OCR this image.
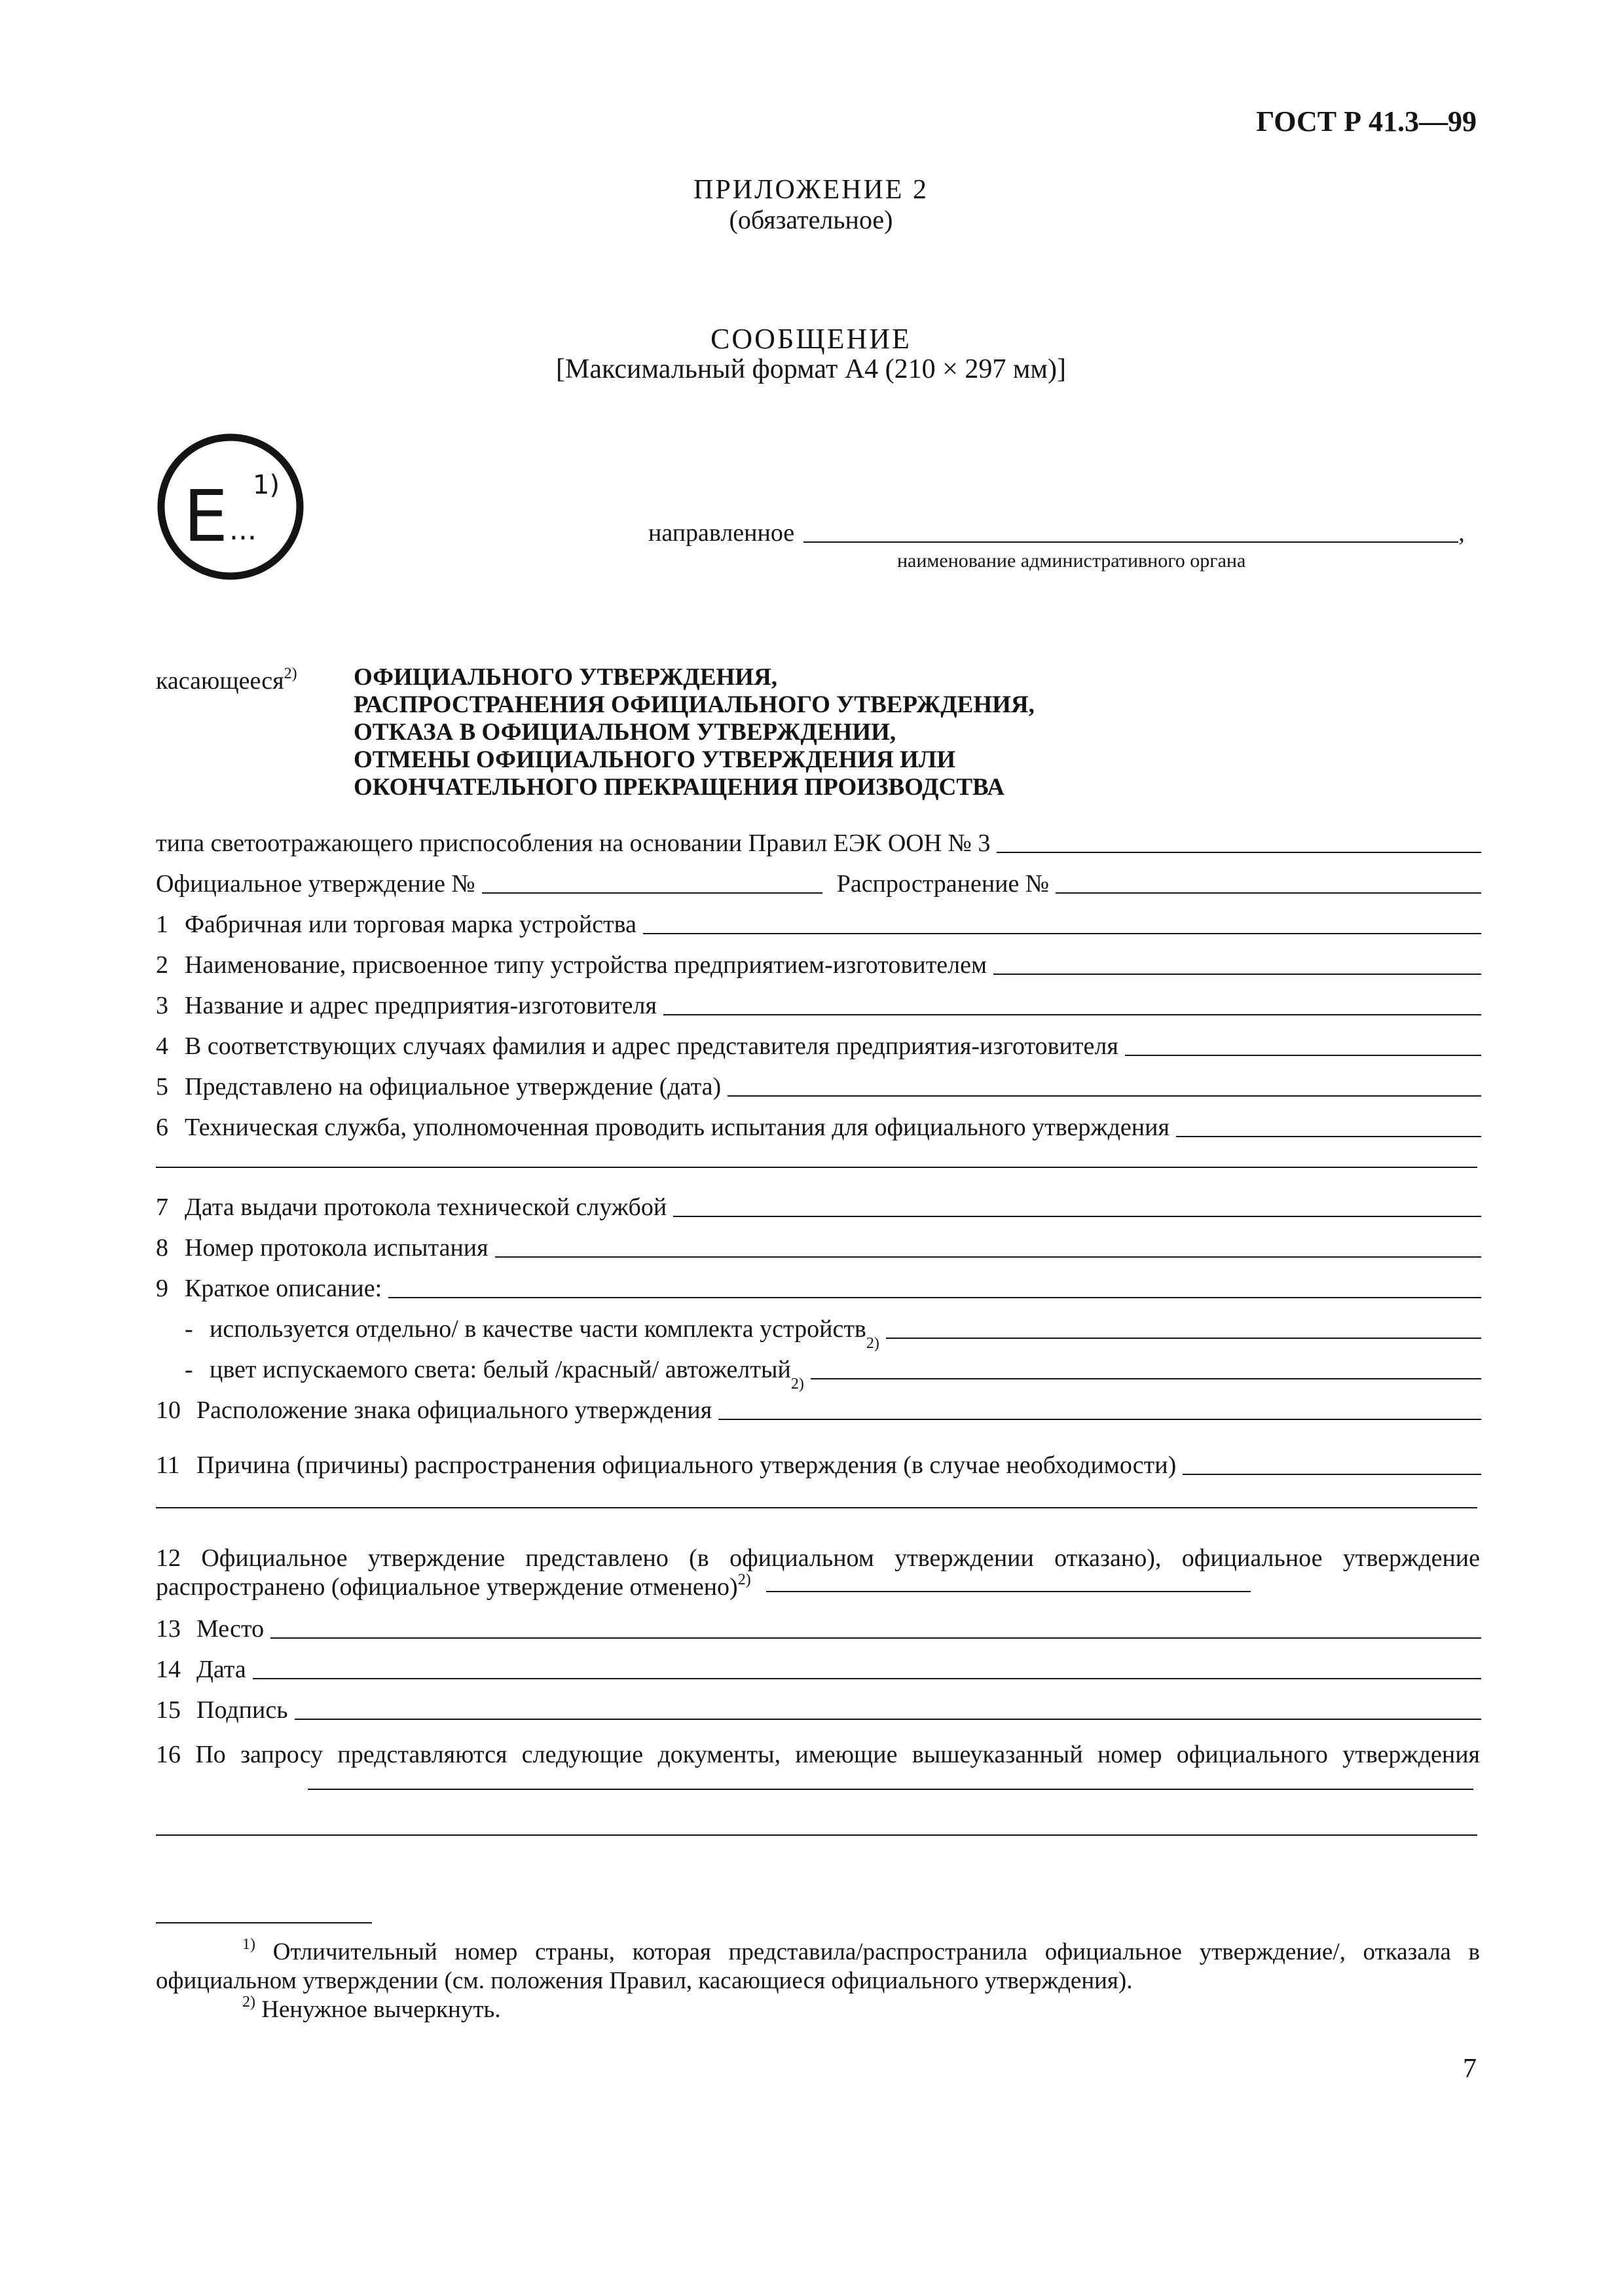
ГОСТ Р 41.3—99
ПРИЛОЖЕНИЕ 2
(обязательное)
СООБЩЕНИЕ
[Максимальный формат А4 (210 × 297 мм)]
E ...
1)
направленное	,
наименование административного органа
касающееся$^{2)}$ ОФИЦИАЛЬНОГО УТВЕРЖДЕНИЯ,
РАСПРОСТРАНЕНИЯ ОФИЦИАЛЬНОГО УТВЕРЖДЕНИЯ,
ОТКАЗА В ОФИЦИАЛЬНОМ УТВЕРЖДЕНИИ,
ОТМЕНЫ ОФИЦИАЛЬНОГО УТВЕРЖДЕНИЯ ИЛИ
ОКОНЧАТЕЛЬНОГО ПРЕКРАЩЕНИЯ ПРОИЗВОДСТВА
типа светоотражающего приспособления на основании Правил ЕЭК ООН № 3
Официальное утверждение №	Распространение №
1 Фабричная или торговая марка устройства
2 Наименование, присвоенное типу устройства предприятием-изготовителем
3 Название и адрес предприятия-изготовителя
4 В соответствующих случаях фамилия и адрес представителя предприятия-изготовителя
5 Представлено на официальное утверждение (дата)
6 Техническая служба, уполномоченная проводить испытания для официального утверждения
7 Дата выдачи протокола технической службой
8 Номер протокола испытания
9 Краткое описание:
- используется отдельно/ в качестве части комплекта устройств
2)
- цвет испускаемого света: белый /красный/ автожелтый
2)
10 Расположение знака официального утверждения
11 Причина (причины) распространения официального утверждения (в случае необходимости)
12 Официальное утверждение представлено (в официальном утверждении отказано), официальное утверждение распространено (официальное утверждение отменено)$^{2)}$
13 Место
14 Дата
15 Подпись
16 По запросу представляются следующие документы, имеющие вышеуказанный номер официального утверждения
$^{1)}$ Отличительный номер страны, которая представила/распространила официальное утверждение/, отказала в официальном утверждении (см. положения Правил, касающиеся официального утверждения).
$^{2)}$ Ненужное вычеркнуть.
7
